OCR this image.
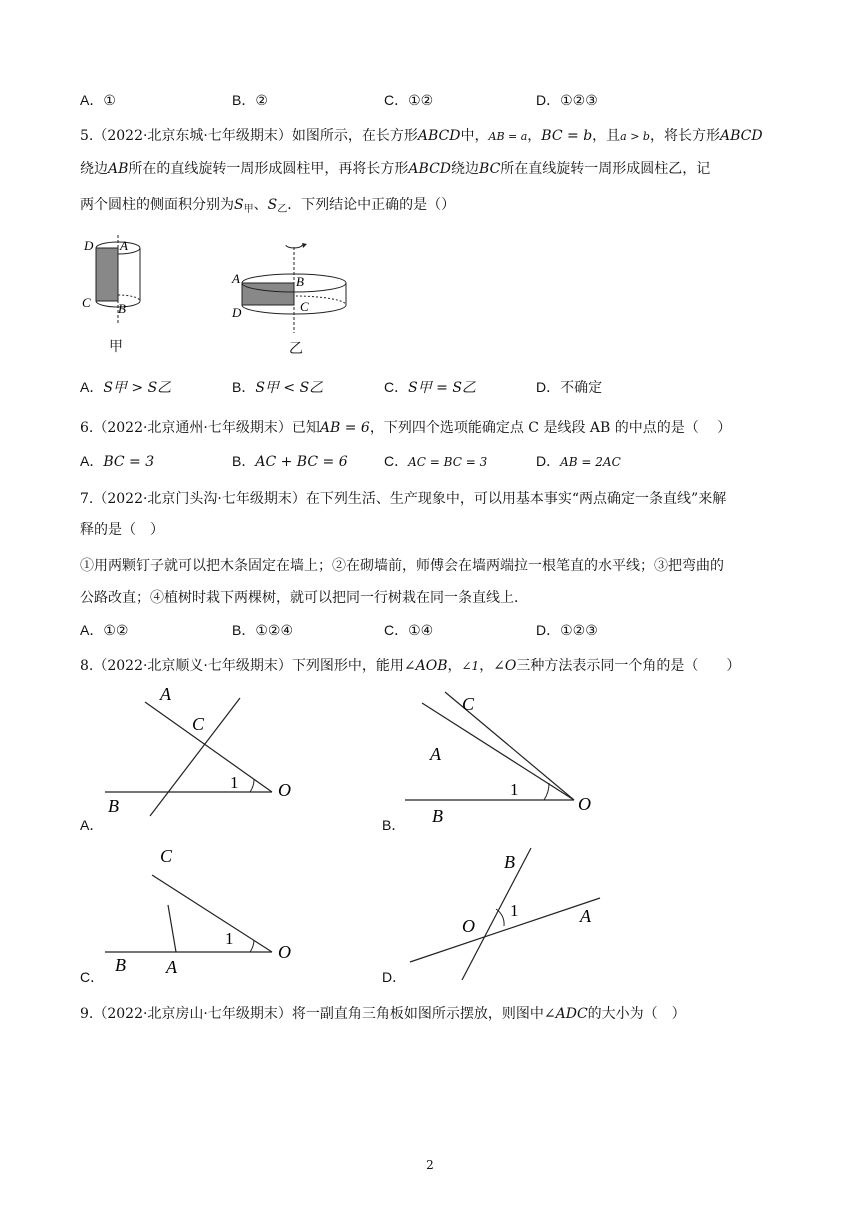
A．①	B．②	C．①②	D．①②③
5.（2022·北京东城·七年级期末）如图所示，在长方形ABCD中，AB = a，BC = b，且a > b，将长方形ABCD
绕边AB所在的直线旋转一周形成圆柱甲，再将长方形ABCD绕边BC所在直线旋转一周形成圆柱乙，记
两个圆柱的侧面积分别为$S_甲$、$S_乙$．下列结论中正确的是（）
D A
C B
甲
A	B
C
D
乙
A．S甲 > S乙	B．S甲 < S乙	C．S甲 = S乙	D．不确定
6.（2022·北京通州·七年级期末）已知AB = 6，下列四个选项能确定点 C 是线段 AB 的中点的是（　 ）
A．BC = 3	B．AC + BC = 6	C．AC = BC = 3	D．AB = 2AC
7.（2022·北京门头沟·七年级期末）在下列生活、生产现象中，可以用基本事实“两点确定一条直线”来解
释的是（　）
①用两颗钉子就可以把木条固定在墙上；②在砌墙前，师傅会在墙两端拉一根笔直的水平线；③把弯曲的
公路改直；④植树时栽下两棵树，就可以把同一行树栽在同一条直线上．
A．①②	B．①②④	C．①④	D．①②③
8.（2022·北京顺义·七年级期末）下列图形中，能用∠AOB，∠1，∠O三种方法表示同一个角的是（　　）
A
C
1 O
B
A．
C
A
1
O
B
B．
C
1
O
B A
C．
B
1
O	A
D．
9.（2022·北京房山·七年级期末）将一副直角三角板如图所示摆放，则图中∠ADC的大小为（　）
2
